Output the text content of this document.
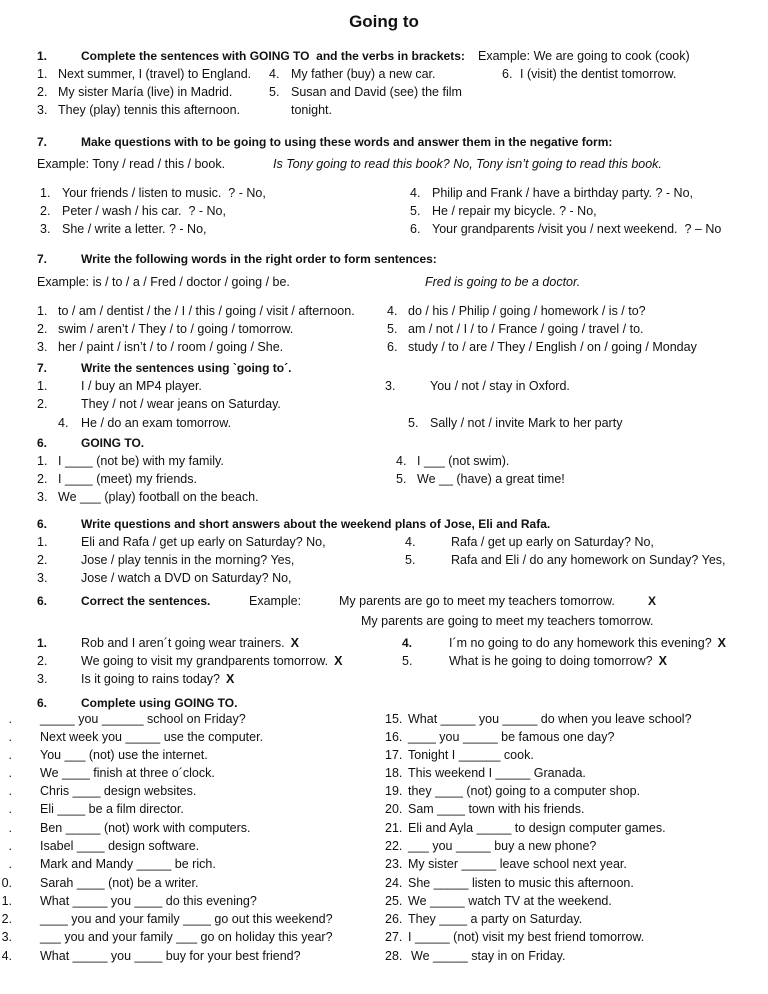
Going to
1.	Complete the sentences with GOING TO  and the verbs in brackets: Example: We are going to cook (cook)
1. Next summer, I (travel) to England. 4. My father (buy) a new car.	6. I (visit) the dentist tomorrow.
2. My sister María (live) in Madrid.	5. Susan and David (see) the film tonight.
3. They (play) tennis this afternoon.
7.	Make questions with to be going to using these words and answer them in the negative form:
Example: Tony / read / this / book.	Is Tony going to read this book? No, Tony isn’t going to read this book.
1. Your friends / listen to music.  ? - No,	4. Philip and Frank / have a birthday party. ? - No,
2. Peter / wash / his car.  ? - No,	5. He / repair my bicycle. ? - No,
3. She / write a letter. ? - No,	6. Your grandparents /visit you / next weekend.  ? – No
7.	Write the following words in the right order to form sentences:
Example: is / to / a / Fred / doctor / going / be.	Fred is going to be a doctor.
1. to / am / dentist / the / I / this / going / visit / afternoon.	4. do / his / Philip / going / homework / is / to?
2. swim / aren’t / They / to / going / tomorrow.	5. am / not / I / to / France / going / travel / to.
3. her / paint / isn’t / to / room / going / She.	6. study / to / are / They / English / on / going / Monday
7.	Write the sentences using `going to´.
1.	I / buy an MP4 player.	3.	You / not / stay in Oxford.
2.	They / not / wear jeans on Saturday.
4. He / do an exam tomorrow.	5. Sally / not / invite Mark to her party
6.	GOING TO.
1. I ____ (not be) with my family.	4. I ___ (not swim).
2. I ____ (meet) my friends.	5. We __ (have) a great time!
3. We ___ (play) football on the beach.
6.	Write questions and short answers about the weekend plans of Jose, Eli and Rafa.
1.	Eli and Rafa / get up early on Saturday? No,	4.	Rafa / get up early on Saturday? No,
2.	Jose / play tennis in the morning? Yes,	5.	Rafa and Eli / do any homework on Sunday? Yes,
3.	Jose / watch a DVD on Saturday? No,
6.	Correct the sentences.	Example:	My parents are go to meet my teachers tomorrow.	X
My parents are going to meet my teachers tomorrow.
1.	Rob and I aren´t going wear trainers. X	4.	I´m no going to do any homework this evening? X
2.	We going to visit my grandparents tomorrow. X	5.	What is he going to doing tomorrow? X
3.	Is it going to rains today? X
6.	Complete using GOING TO.
. _____ you ______ school on Friday?	15. What _____ you _____ do when you leave school?
. Next week you _____ use the computer.	16. ____ you _____ be famous one day?
. You ___ (not) use the internet.	17. Tonight I ______ cook.
. We ____ finish at three o´clock.	18. This weekend I _____ Granada.
. Chris ____ design websites.	19. they ____ (not) going to a computer shop.
. Eli ____ be a film director.	20. Sam ____ town with his friends.
. Ben _____ (not) work with computers.	21. Eli and Ayla _____ to design computer games.
. Isabel ____ design software.	22. ___ you _____ buy a new phone?
. Mark and Mandy _____ be rich.	23. My sister _____ leave school next year.
0. Sarah ____ (not) be a writer.	24. She _____ listen to music this afternoon.
1. What _____ you ____ do this evening?	25. We _____ watch TV at the weekend.
2. ____ you and your family ____ go out this weekend?	26. They ____ a party on Saturday.
3. ___ you and your family ___ go on holiday this year?	27. I _____ (not) visit my best friend tomorrow.
4. What _____ you ____ buy for your best friend?	28. We _____ stay in on Friday.
